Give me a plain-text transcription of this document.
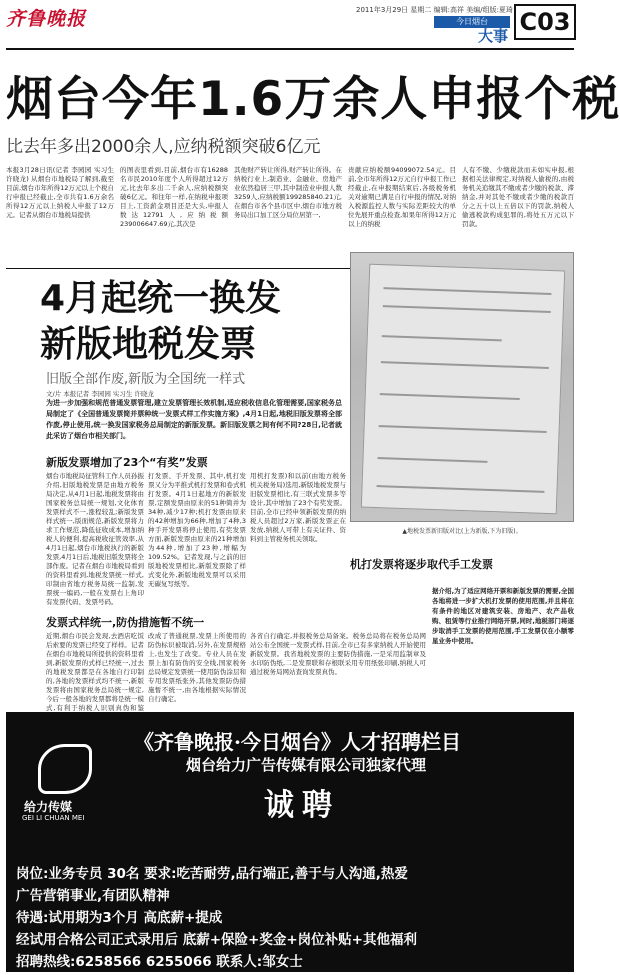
齐鲁晚报	2011年3月29日 星期二 编辑:高祥 美编/组版:夏琦
今日烟台
大事 C03
烟台今年1.6万余人申报个税
比去年多出2000余人,应纳税额突破6亿元
本报3月28日讯(记者 李园园 实习生 许晓龙) 从烟台市地税局了解到,截至目前,烟台市年所得12万元以上个税自行申报已经截止,全市共有1.6万余名所得12万元以上纳税人申报了12万元。记者从烟台市地税局提供
的图表里看到,目前,烟台市有16288名市民2010年度个人所得超过12万元,比去年多出二千余人,应纳税额突破6亿元。和往年一样,在纳税申报项目上,工资薪金项目还是大头,申报人数达12791人,应纳税额239006647.69元,其次是
其他财产转让所得,财产转让所得。在纳税行业上,制造业、金融业、房地产业依然稳居三甲,其中制造业申报人数3259人,应纳税额199285840.21元,在烟台市各个县市区中,烟台市地方税务局出口加工区分局位居第一,
贵献应纳税额94099072.54元。目前,全市年所得12万元自行申报工作已经截止,在申报期结束后,各级税务机关对逾期已满足自行申报的情况,对纳入税源监控人数与实际差距较大的单位先展开重点检查,如果年所得12万元以上的纳税
人有不缴、少缴税款而未如实申报,根据相关法律规定,对纳税人偷税的,由税务机关追缴其不缴或者少缴的税款、滞纳金,并对其处不缴或者少缴的税款百分之五十以上五倍以下的罚款,纳税人偷逃税款构成犯罪的,将处五万元以下罚款。
4月起统一换发
新版地税发票
旧版全部作废,新版为全国统一样式
文/片 本报记者 李园园 实习生 许晓龙
为进一步加强和规范普通发票管理,建立发票管理长效机制,适应税收信息化管理需要,国家税务总局制定了《全国普通发票简并票种统一发票式样工作实施方案》,4月1日起,地税旧版发票将全部作废,停止使用,统一换发国家税务总局制定的新版发票。新旧版发票之间有何不同?28日,记者就此采访了烟台市相关部门。
▲地税发票新旧版对比(上为新版,下为旧版)。
新版发票增加了23个“有奖”发票
烟台市地税局征管科工作人员孙振介绍,旧版地税发票是由地方税务局决定,从4月1日起,地税发票将由国家税务总局统一规划,文化体育发票样式不一,涨程较乱;新版发票样式统一,版面规范,新版发票将力求工作规范,降低征收成本,增加纳税人的便利,提高税收征管效率,从4月1日起,烟台市地税执行的新版发票,4月1日后,地税旧版发票将全部作废。记者在烟台市地税局看到的资料里看到,地税发票统一样式,印制由省地方税务局统一监制,发票统一编码,一般在发票右上角印有发票代码、发票号码。
打发票、手开发票、其中,机打发票又分为平推式机打发票和卷式机打发票。4月1日起地方的新版发票,定额发票由原来的51种简并为34种,减少17种;机打发票由原来的42种增加为66种,增加了4种,3种手开发票将停止使用,有奖发票方面,新版发票由原来的21种增加为44种,增加了23种,增幅为109.52%。记者发现,与之前的旧版地税发票相比,新版发票除了样式变化外,新版地税发票可以采用无碳复写纸等。
用机打发票)和以前(由地方税务机关税务局)选用,新版地税发票与旧版发票相比,有三联式发票多等设计,其中增加了23个有奖发票。目前,全市已经申领新版发票的纳税人员超过2万家,新版发票正在发放,纳税人可带上有关证件、资料到主管税务机关领取。
机打发票将逐步取代手工发票
据介绍,为了适应网络开票和新版发票的需要,全国各地将进一步扩大机打发票的使用范围,并且将在有条件的地区对建筑安装、房地产、农产品收购、租赁等行业推行网络开票,同时,地税部门将逐步取消手工发票的使用范围,手工发票仅在小额零星业务中使用。
发票式样统一,防伪措施暂不统一
近期,烟台市民会发现,去酒店吃饭后索要的发票已经变了样样。记者在烟台市地税局所提供的资料里看到,新版发票的式样已经统一,过去的地税发票都是在各地自行印制的,各地的发票样式均不统一,新版发票将由国家税务总局统一规定,今后一般各地的发票都将是统一模式,有利于纳税人识别真伪和鉴
改成了普通税票,发票上所使用的防伪标识被取消,另外,在发票规格上,也发生了改变。专业人员在发票上加有防伪的安全线,国家税务总局规定发票统一使用防伪涂层和专用发票纸张外,其他发票防伪措施暂不统一,由各地根据实际情况自行确定。
各省自行确定,并报税务总局备案。税务总局将在税务总局网站公布全国统一发票式样,目前,全市已有多家纳税人开始使用新版发票。我省地税发票的主要防伪措施,一是采用监制章及水印防伪纸,二是发票联和存根联采用专用纸张印刷,纳税人可通过税务局网站查询发票真伪。
给力传媒
GEI LI CHUAN MEI
《齐鲁晚报·今日烟台》人才招聘栏目
烟台给力广告传媒有限公司独家代理
诚聘
岗位:业务专员 30名 要求:吃苦耐劳,品行端正,善于与人沟通,热爱
广告营销事业,有团队精神
待遇:试用期为3个月 高底薪+提成
经试用合格公司正式录用后 底薪+保险+奖金+岗位补贴+其他福利
招聘热线:6258566 6255066 联系人:邹女士
